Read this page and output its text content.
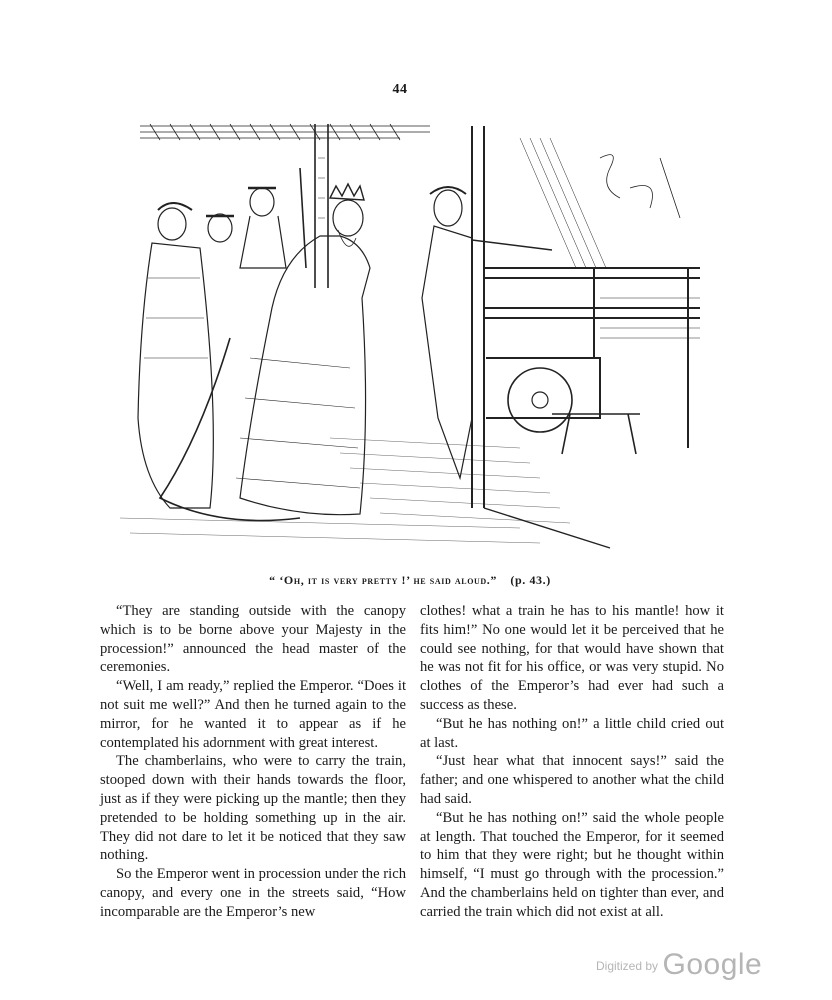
44
“ ‘Oh, it is very pretty !’ he said aloud.” (p. 43.)

“They are standing outside with the canopy which is to be borne above your Majesty in the procession!” announced the head master of the ceremonies.

“Well, I am ready,” replied the Emperor. “Does it not suit me well?” And then he turned again to the mirror, for he wanted it to appear as if he contemplated his adornment with great interest.

The chamberlains, who were to carry the train, stooped down with their hands towards the floor, just as if they were picking up the mantle; then they pretended to be holding something up in the air. They did not dare to let it be noticed that they saw nothing.

So the Emperor went in procession under the rich canopy, and every one in the streets said, “How incomparable are the Emperor’s new

clothes! what a train he has to his mantle! how it fits him!” No one would let it be perceived that he could see nothing, for that would have shown that he was not fit for his office, or was very stupid. No clothes of the Emperor’s had ever had such a success as these.

“But he has nothing on!” a little child cried out at last.

“Just hear what that innocent says!” said the father; and one whispered to another what the child had said.

“But he has nothing on!” said the whole people at length. That touched the Emperor, for it seemed to him that they were right; but he thought within himself, “I must go through with the procession.” And the chamberlains held on tighter than ever, and carried the train which did not exist at all.

$^{Digitized by}$ Google
